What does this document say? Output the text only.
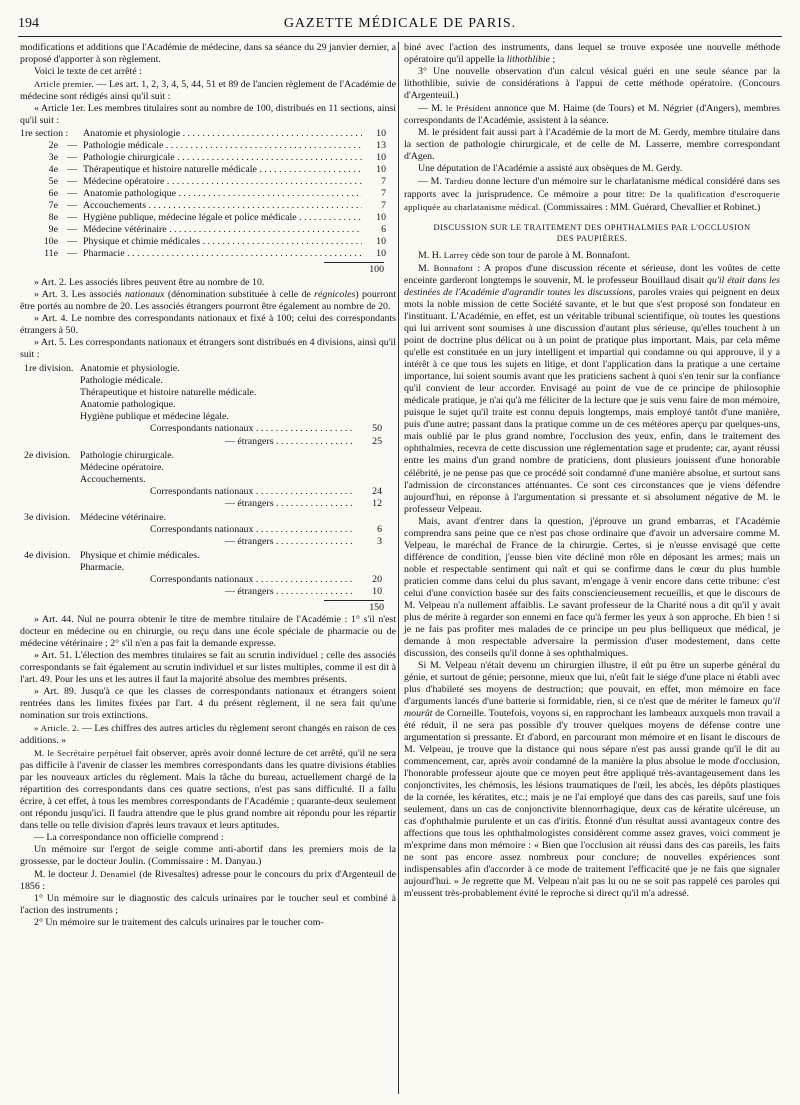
194	GAZETTE MÉDICALE DE PARIS.

modifications et additions que l'Académie de médecine, dans sa séance du 29 janvier dernier, a proposé d'apporter à son règlement.

Voici le texte de cet arrêté :

Article premier. — Les art. 1, 2, 3, 4, 5, 44, 51 et 89 de l'ancien règlement de l'Académie de médecine sont rédigés ainsi qu'il suit :

« Article 1er. Les membres titulaires sont au nombre de 100, distribués en 11 sections, ainsi qu'il suit :

1re section : Anatomie et physiologie . . .	10
2e — Pathologie médicale . . .	13
3e — Pathologie chirurgicale . . .	10
4e — Thérapeutique et histoire naturelle médicale . . .	10
5e — Médecine opératoire . . .	7
6e — Anatomie pathologique . . .	7
7e — Accouchements . . .	7
8e — Hygiène publique, médecine légale et police médicale . . .	10
9e — Médecine vétérinaire . . .	6
10e — Physique et chimie médicales . . .	10
11e — Pharmacie . . .	10
100

» Art. 2. Les associés libres peuvent être au nombre de 10.

» Art. 3. Les associés nationaux (dénomination substituée à celle de régnicoles) pourront être portés au nombre de 20. Les associés étrangers pourront être également au nombre de 20.

» Art. 4. Le nombre des correspondants nationaux et fixé à 100; celui des correspondants étrangers à 50.

» Art. 5. Les correspondants nationaux et étrangers sont distribués en 4 divisions, ainsi qu'il suit :

1re division. Anatomie et physiologie.
Pathologie médicale.
Thérapeutique et histoire naturelle médicale.
Anatomie pathologique.
Hygiène publique et médecine légale.
Correspondants nationaux . . .	50
— étrangers . . .	25
2e division.	Pathologie chirurgicale.
Médecine opératoire.
Accouchements.
Correspondants nationaux . . .	24
— étrangers . . .	12
3e division.	Médecine vétérinaire.
Correspondants nationaux . . .	6
— étrangers . . .	3
4e division.	Physique et chimie médicales.
Pharmacie.
Correspondants nationaux . . .	20
— étrangers . . .	10
150

» Art. 44. Nul ne pourra obtenir le titre de membre titulaire de l'Académie : 1° s'il n'est docteur en médecine ou en chirurgie, ou reçu dans une école spéciale de pharmacie ou de médecine vétérinaire ; 2° s'il n'en a pas fait la demande expresse.

» Art. 51. L'élection des membres titulaires se fait au scrutin individuel ; celle des associés correspondants se fait également au scrutin individuel et sur listes multiples, comme il est dit à l'art. 49. Pour les uns et les autres il faut la majorité absolue des membres présents.

» Art. 89. Jusqu'à ce que les classes de correspondants nationaux et étrangers soient rentrées dans les limites fixées par l'art. 4 du présent règlement, il ne sera fait qu'une nomination sur trois extinctions.

» Article. 2. — Les chiffres des autres articles du règlement seront changés en raison de ces additions. »

M. le Secrétaire perpétuel fait observer, après avoir donné lecture de cet arrêté, qu'il ne sera pas difficile à l'avenir de classer les membres correspondants dans les quatre divisions établies par les nouveaux articles du règlement. Mais la tâche du bureau, actuellement chargé de la répartition des correspondants dans ces quatre sections, n'est pas sans difficulté. Il a fallu écrire, à cet effet, à tous les membres correspondants de l'Académie ; quarante-deux seulement ont répondu jusqu'ici. Il faudra attendre que le plus grand nombre ait répondu pour les répartir dans telle ou telle division d'après leurs travaux et leurs aptitudes.

— La correspondance non officielle comprend :

Un mémoire sur l'ergot de seigle comme anti-abortif dans les premiers mois de la grossesse, par le docteur Joulin. (Commissaire : M. Danyau.)

M. le docteur J. Denamiel (de Rivesaltes) adresse pour le concours du prix d'Argenteuil de 1856 :

1° Un mémoire sur le diagnostic des calculs urinaires par le toucher seul et combiné à l'action des instruments ;

2° Un mémoire sur le traitement des calculs urinaires par le toucher com-

biné avec l'action des instruments, dans lequel se trouve exposée une nouvelle méthode opératoire qu'il appelle la lithothlibie ;

3° Une nouvelle observation d'un calcul vésical guéri en une seule séance par la lithothlibie, suivie de considérations à l'appui de cette méthode opératoire. (Concours d'Argenteuil.)

— M. le Président annonce que M. Haime (de Tours) et M. Négrier (d'Angers), membres correspondants de l'Académie, assistent à la séance.

M. le président fait aussi part à l'Académie de la mort de M. Gerdy, membre titulaire dans la section de pathologie chirurgicale, et de celle de M. Lasserre, membre correspondant d'Agen.

Une députation de l'Académie a assisté aux obsèques de M. Gerdy.

— M. Tardieu donne lecture d'un mémoire sur le charlatanisme médical considéré dans ses rapports avec la jurisprudence. Ce mémoire a pour titre: De la qualification d'escroquerie appliquée au charlatanisme médical. (Commissaires : MM. Guérard, Chevallier et Robinet.)

DISCUSSION SUR LE TRAITEMENT DES OPHTHALMIES PAR L'OCCLUSION
DES PAUPIÈRES.

M. H. Larrey cède son tour de parole à M. Bonnafont.

M. Bonnafont : A propos d'une discussion récente et sérieuse, dont les voûtes de cette enceinte garderont longtemps le souvenir, M. le professeur Bouillaud disait qu'il était dans les destinées de l'Académie d'agrandir toutes les discussions, paroles vraies qui peignent en deux mots la noble mission de cette Société savante, et le but que s'est proposé son fondateur en l'instituant. L'Académie, en effet, est un véritable tribunal scientifique, où toutes les questions qui lui arrivent sont soumises à une discussion d'autant plus sérieuse, qu'elles touchent à un point de doctrine plus délicat ou à un point de pratique plus important. Mais, par cela même qu'elle est constituée en un jury intelligent et impartial qui condamne ou qui approuve, il y a intérêt à ce que tous les sujets en litige, et dont l'application dans la pratique a une certaine importance, lui soient soumis avant que les praticiens sachent à quoi s'en tenir sur la confiance qu'il convient de leur accorder. Envisagé au point de vue de ce principe de philosophie médicale pratique, je n'ai qu'à me féliciter de la lecture que je suis venu faire de mon mémoire, puisque le sujet qu'il traite est connu depuis longtemps, mais employé tantôt d'une manière, puis d'une autre; passant dans la pratique comme un de ces météores aperçu par quelques-uns, mais oublié par le plus grand nombre, l'occlusion des yeux, enfin, dans le traitement des ophthalmies, recevra de cette discussion une réglementation sage et prudente; car, ayant réussi entre les mains d'un grand nombre de praticiens, dont plusieurs jouissent d'une honorable célébrité, je ne pense pas que ce procédé soit condamné d'une manière absolue, et surtout sans l'admission de circonstances atténuantes. Ce sont ces circonstances que je viens défendre aujourd'hui, en réponse à l'argumentation si pressante et si absolument négative de M. le professeur Velpeau.

Mais, avant d'entrer dans la question, j'éprouve un grand embarras, et l'Académie comprendra sans peine que ce n'est pas chose ordinaire que d'avoir un adversaire comme M. Velpeau, le maréchal de France de la chirurgie. Certes, si je n'eusse envisagé que cette différence de condition, j'eusse bien vite décliné mon rôle en déposant les armes; mais un noble et respectable sentiment qui naît et qui se confirme dans le cœur du plus humble praticien comme dans celui du plus savant, m'engage à venir encore dans cette tribune: c'est celui d'une conviction basée sur des faits consciencieusement recueillis, et que le discours de M. Velpeau n'a nullement affaiblis. Le savant professeur de la Charité nous a dit qu'il y avait plus de mérite à regarder son ennemi en face qu'à fermer les yeux à son approche. Eh bien ! si je ne fais pas profiter mes malades de ce principe un peu plus belliqueux que médical, je demande à mon respectable adversaire la permission d'user modestement, dans cette discussion, des conseils qu'il donne à ses ophthalmiques.

Si M. Velpeau n'était devenu un chirurgien illustre, il eût pu être un superbe général du génie, et surtout de génie; personne, mieux que lui, n'eût fait le siége d'une place ni établi avec plus d'habileté ses moyens de destruction; que pouvait, en effet, mon mémoire en face d'arguments lancés d'une batterie si formidable, rien, si ce n'est que de mériter le fameux qu'il mourût de Corneille. Toutefois, voyons si, en rapprochant les lambeaux auxquels mon travail a été réduit, il ne sera pas possible d'y trouver quelques moyens de défense contre une argumentation si pressante. Et d'abord, en parcourant mon mémoire et en lisant le discours de M. Velpeau, je trouve que la distance qui nous sépare n'est pas aussi grande qu'il le dit au commencement, car, après avoir condamné de la manière la plus absolue le mode d'occlusion, l'honorable professeur ajoute que ce moyen peut être appliqué très-avantageusement dans les conjonctivites, les chémosis, les lésions traumatiques de l'œil, les abcès, les dépôts plastiques de la cornée, les kératites, etc.; mais je ne l'ai employé que dans des cas pareils, sauf une fois seulement, dans un cas de conjonctivite blennorrhagique, deux cas de kératite ulcéreuse, un cas d'ophthalmie purulente et un cas d'iritis. Étonné d'un résultat aussi avantageux contre des affections que tous les ophthalmologistes considèrent comme assez graves, voici comment je m'exprime dans mon mémoire : « Bien que l'occlusion ait réussi dans des cas pareils, les faits ne sont pas encore assez nombreux pour conclure; de nouvelles expériences sont indispensables afin d'accorder à ce mode de traitement l'efficacité que je ne fais que signaler aujourd'hui. » Je regrette que M. Velpeau n'ait pas lu ou ne se soit pas rappelé ces paroles qui m'eussent très-probablement évité le reproche si direct qu'il m'a adressé.
